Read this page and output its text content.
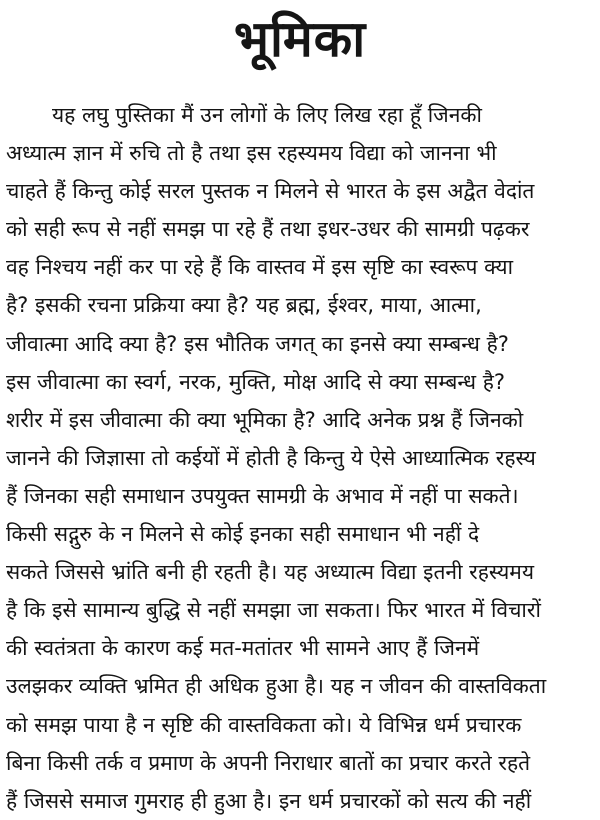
भूमिका
यह लघु पुस्तिका मैं उन लोगों के लिए लिख रहा हूँ जिनकी
अध्यात्म ज्ञान में रुचि तो है तथा इस रहस्यमय विद्या को जानना भी
चाहते हैं किन्तु कोई सरल पुस्तक न मिलने से भारत के इस अद्वैत वेदांत
को सही रूप से नहीं समझ पा रहे हैं तथा इधर-उधर की सामग्री पढ़कर
वह निश्चय नहीं कर पा रहे हैं कि वास्तव में इस सृष्टि का स्वरूप क्या
है? इसकी रचना प्रक्रिया क्या है? यह ब्रह्म, ईश्वर, माया, आत्मा,
जीवात्मा आदि क्या है? इस भौतिक जगत् का इनसे क्या सम्बन्ध है?
इस जीवात्मा का स्वर्ग, नरक, मुक्ति, मोक्ष आदि से क्या सम्बन्ध है?
शरीर में इस जीवात्मा की क्या भूमिका है? आदि अनेक प्रश्न हैं जिनको
जानने की जिज्ञासा तो कईयों में होती है किन्तु ये ऐसे आध्यात्मिक रहस्य
हैं जिनका सही समाधान उपयुक्त सामग्री के अभाव में नहीं पा सकते।
किसी सद्गुरु के न मिलने से कोई इनका सही समाधान भी नहीं दे
सकते जिससे भ्रांति बनी ही रहती है। यह अध्यात्म विद्या इतनी रहस्यमय
है कि इसे सामान्य बुद्धि से नहीं समझा जा सकता। फिर भारत में विचारों
की स्वतंत्रता के कारण कई मत-मतांतर भी सामने आए हैं जिनमें
उलझकर व्यक्ति भ्रमित ही अधिक हुआ है। यह न जीवन की वास्तविकता
को समझ पाया है न सृष्टि की वास्तविकता को। ये विभिन्न धर्म प्रचारक
बिना किसी तर्क व प्रमाण के अपनी निराधार बातों का प्रचार करते रहते
हैं जिससे समाज गुमराह ही हुआ है। इन धर्म प्रचारकों को सत्य की नहीं
